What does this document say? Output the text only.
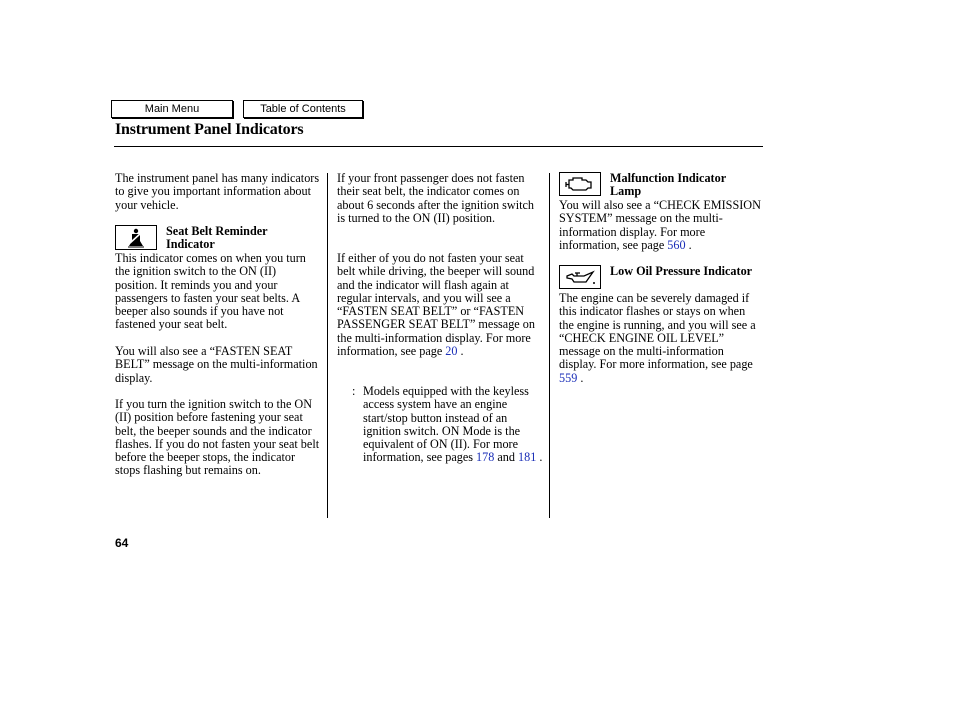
Main Menu	Table of Contents
Instrument Panel Indicators

The instrument panel has many indicators to give you important information about your vehicle.

Seat Belt Reminder Indicator

This indicator comes on when you turn the ignition switch to the ON (II) position. It reminds you and your passengers to fasten your seat belts. A beeper also sounds if you have not fastened your seat belt.

You will also see a “FASTEN SEAT BELT” message on the multi-information display.

If you turn the ignition switch to the ON (II) position before fastening your seat belt, the beeper sounds and the indicator flashes. If you do not fasten your seat belt before the beeper stops, the indicator stops flashing but remains on.

If your front passenger does not fasten their seat belt, the indicator comes on about 6 seconds after the ignition switch is turned to the ON (II) position.

If either of you do not fasten your seat belt while driving, the beeper will sound and the indicator will flash again at regular intervals, and you will see a “FASTEN SEAT BELT” or “FASTEN PASSENGER SEAT BELT” message on the multi-information display. For more information, see page 20 .

: Models equipped with the keyless access system have an engine start/stop button instead of an ignition switch. ON Mode is the equivalent of ON (II). For more information, see pages 178 and 181 .

Malfunction Indicator Lamp

You will also see a “CHECK EMISSION SYSTEM” message on the multi-information display. For more information, see page 560 .

Low Oil Pressure Indicator

The engine can be severely damaged if this indicator flashes or stays on when the engine is running, and you will see a “CHECK ENGINE OIL LEVEL” message on the multi-information display. For more information, see page 559 .

64
